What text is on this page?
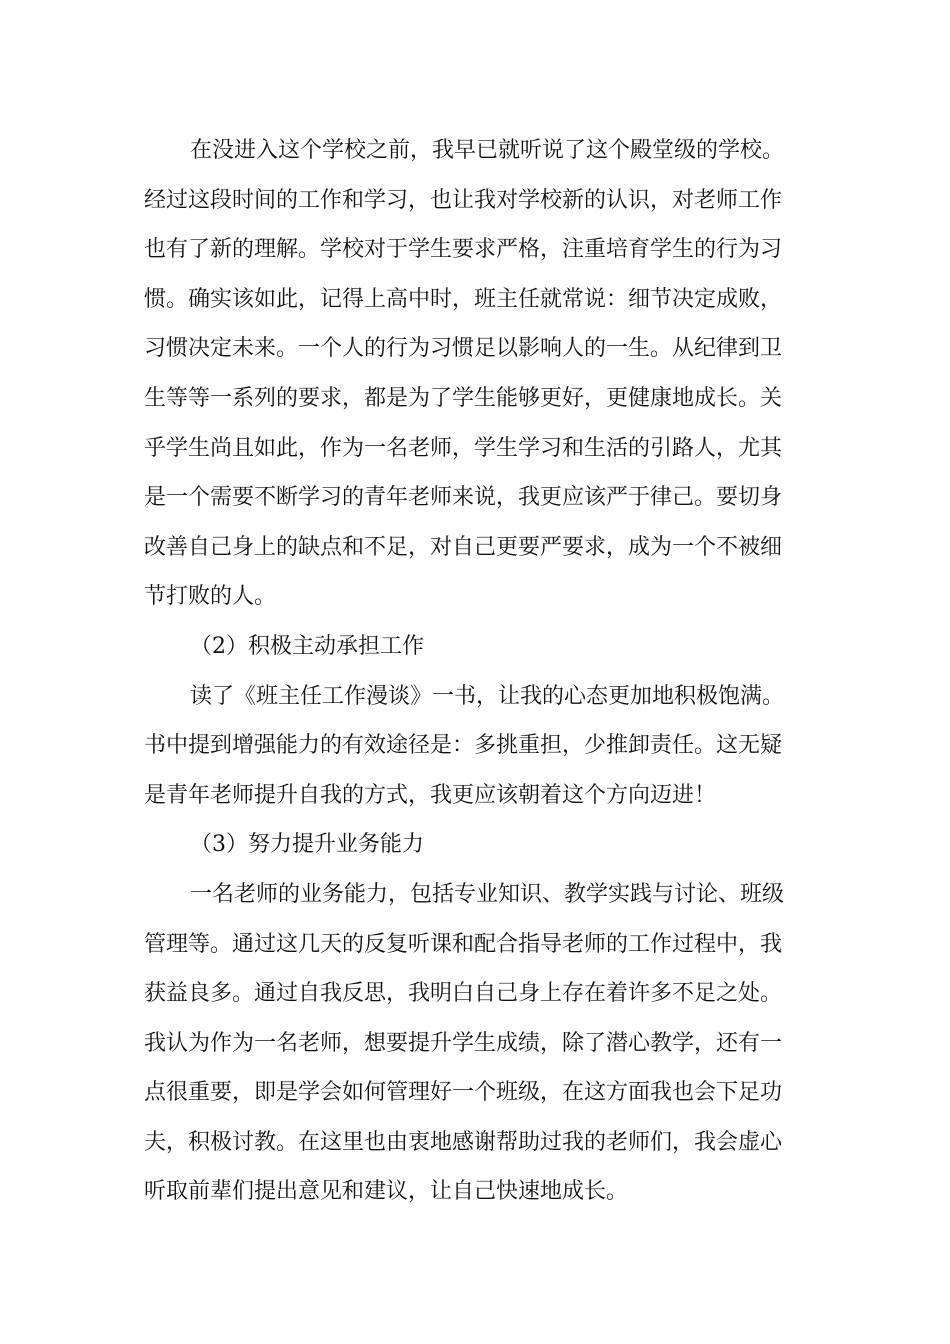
在没进入这个学校之前，我早已就听说了这个殿堂级的学校。
经过这段时间的工作和学习，也让我对学校新的认识，对老师工作
也有了新的理解。学校对于学生要求严格，注重培育学生的行为习
惯。确实该如此，记得上高中时，班主任就常说：细节决定成败，
习惯决定未来。一个人的行为习惯足以影响人的一生。从纪律到卫
生等等一系列的要求，都是为了学生能够更好，更健康地成长。关
乎学生尚且如此，作为一名老师，学生学习和生活的引路人，尤其
是一个需要不断学习的青年老师来说，我更应该严于律己。要切身
改善自己身上的缺点和不足，对自己更要严要求，成为一个不被细
节打败的人。
（2）积极主动承担工作
读了《班主任工作漫谈》一书，让我的心态更加地积极饱满。
书中提到增强能力的有效途径是：多挑重担，少推卸责任。这无疑
是青年老师提升自我的方式，我更应该朝着这个方向迈进！
（3）努力提升业务能力
一名老师的业务能力，包括专业知识、教学实践与讨论、班级
管理等。通过这几天的反复听课和配合指导老师的工作过程中，我
获益良多。通过自我反思，我明白自己身上存在着许多不足之处。
我认为作为一名老师，想要提升学生成绩，除了潜心教学，还有一
点很重要，即是学会如何管理好一个班级，在这方面我也会下足功
夫，积极讨教。在这里也由衷地感谢帮助过我的老师们，我会虚心
听取前辈们提出意见和建议，让自己快速地成长。
